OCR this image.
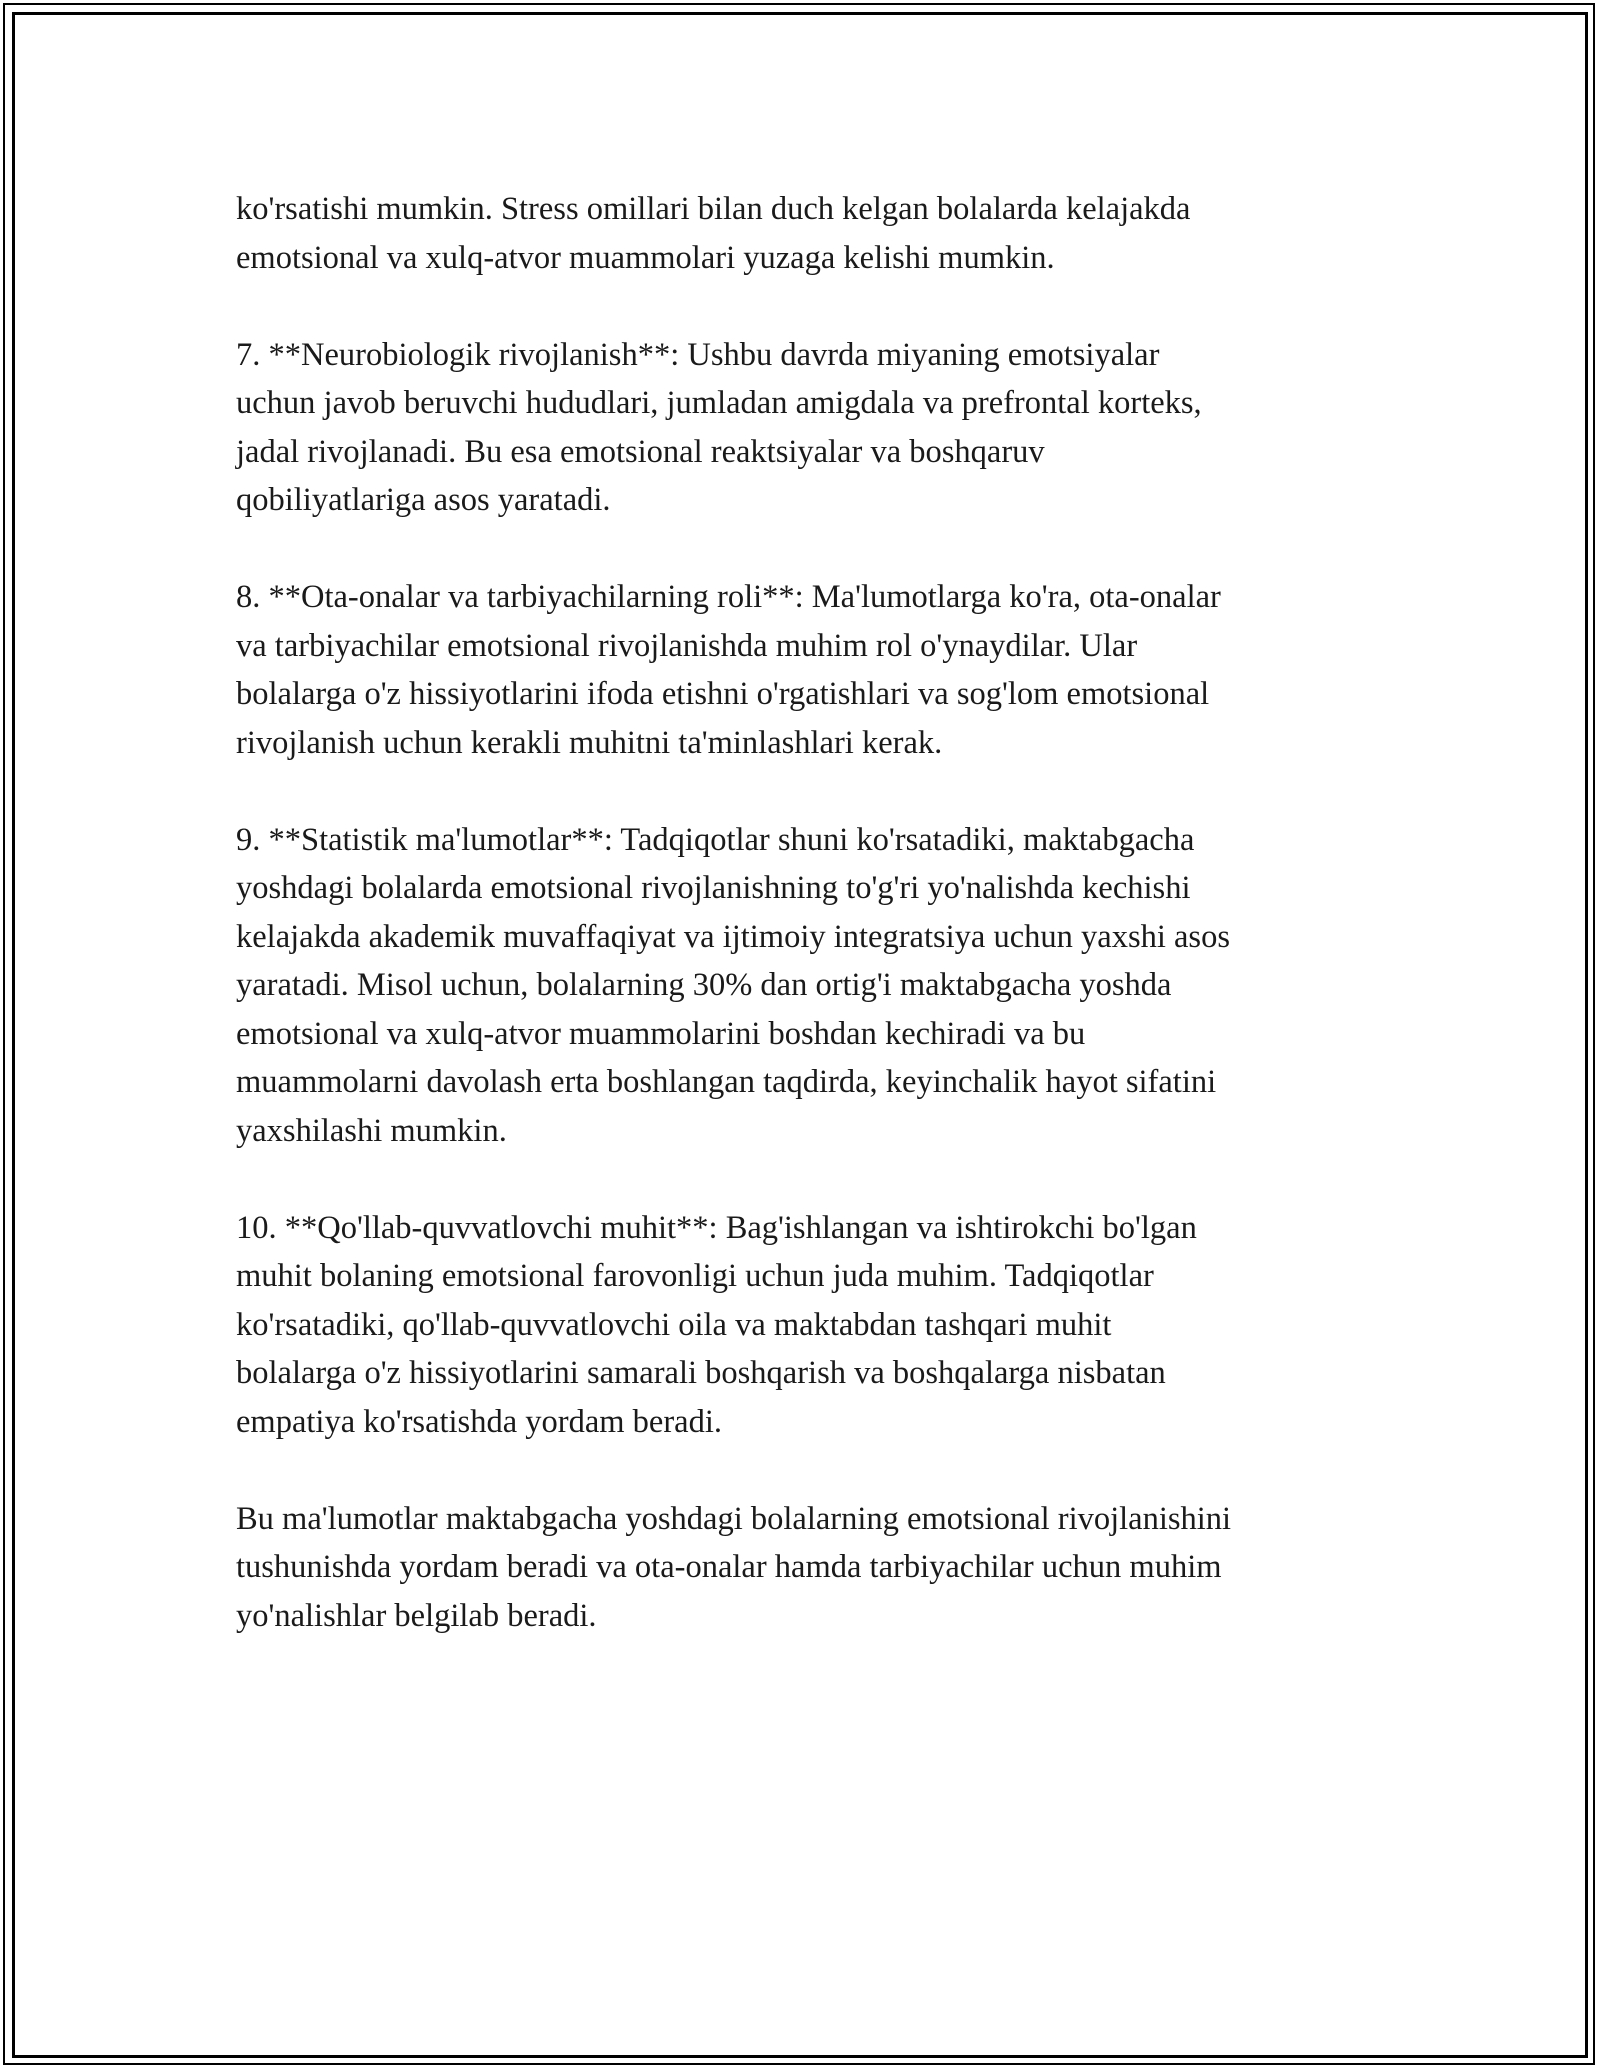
ko'rsatishi mumkin. Stress omillari bilan duch kelgan bolalarda kelajakda
emotsional va xulq-atvor muammolari yuzaga kelishi mumkin.

7. **Neurobiologik rivojlanish**: Ushbu davrda miyaning emotsiyalar
uchun javob beruvchi hududlari, jumladan amigdala va prefrontal korteks,
jadal rivojlanadi. Bu esa emotsional reaktsiyalar va boshqaruv
qobiliyatlariga asos yaratadi.

8. **Ota-onalar va tarbiyachilarning roli**: Ma'lumotlarga ko'ra, ota-onalar
va tarbiyachilar emotsional rivojlanishda muhim rol o'ynaydilar. Ular
bolalarga o'z hissiyotlarini ifoda etishni o'rgatishlari va sog'lom emotsional
rivojlanish uchun kerakli muhitni ta'minlashlari kerak.

9. **Statistik ma'lumotlar**: Tadqiqotlar shuni ko'rsatadiki, maktabgacha
yoshdagi bolalarda emotsional rivojlanishning to'g'ri yo'nalishda kechishi
kelajakda akademik muvaffaqiyat va ijtimoiy integratsiya uchun yaxshi asos
yaratadi. Misol uchun, bolalarning 30% dan ortig'i maktabgacha yoshda
emotsional va xulq-atvor muammolarini boshdan kechiradi va bu
muammolarni davolash erta boshlangan taqdirda, keyinchalik hayot sifatini
yaxshilashi mumkin.

10. **Qo'llab-quvvatlovchi muhit**: Bag'ishlangan va ishtirokchi bo'lgan
muhit bolaning emotsional farovonligi uchun juda muhim. Tadqiqotlar
ko'rsatadiki, qo'llab-quvvatlovchi oila va maktabdan tashqari muhit
bolalarga o'z hissiyotlarini samarali boshqarish va boshqalarga nisbatan
empatiya ko'rsatishda yordam beradi.

Bu ma'lumotlar maktabgacha yoshdagi bolalarning emotsional rivojlanishini
tushunishda yordam beradi va ota-onalar hamda tarbiyachilar uchun muhim
yo'nalishlar belgilab beradi.
